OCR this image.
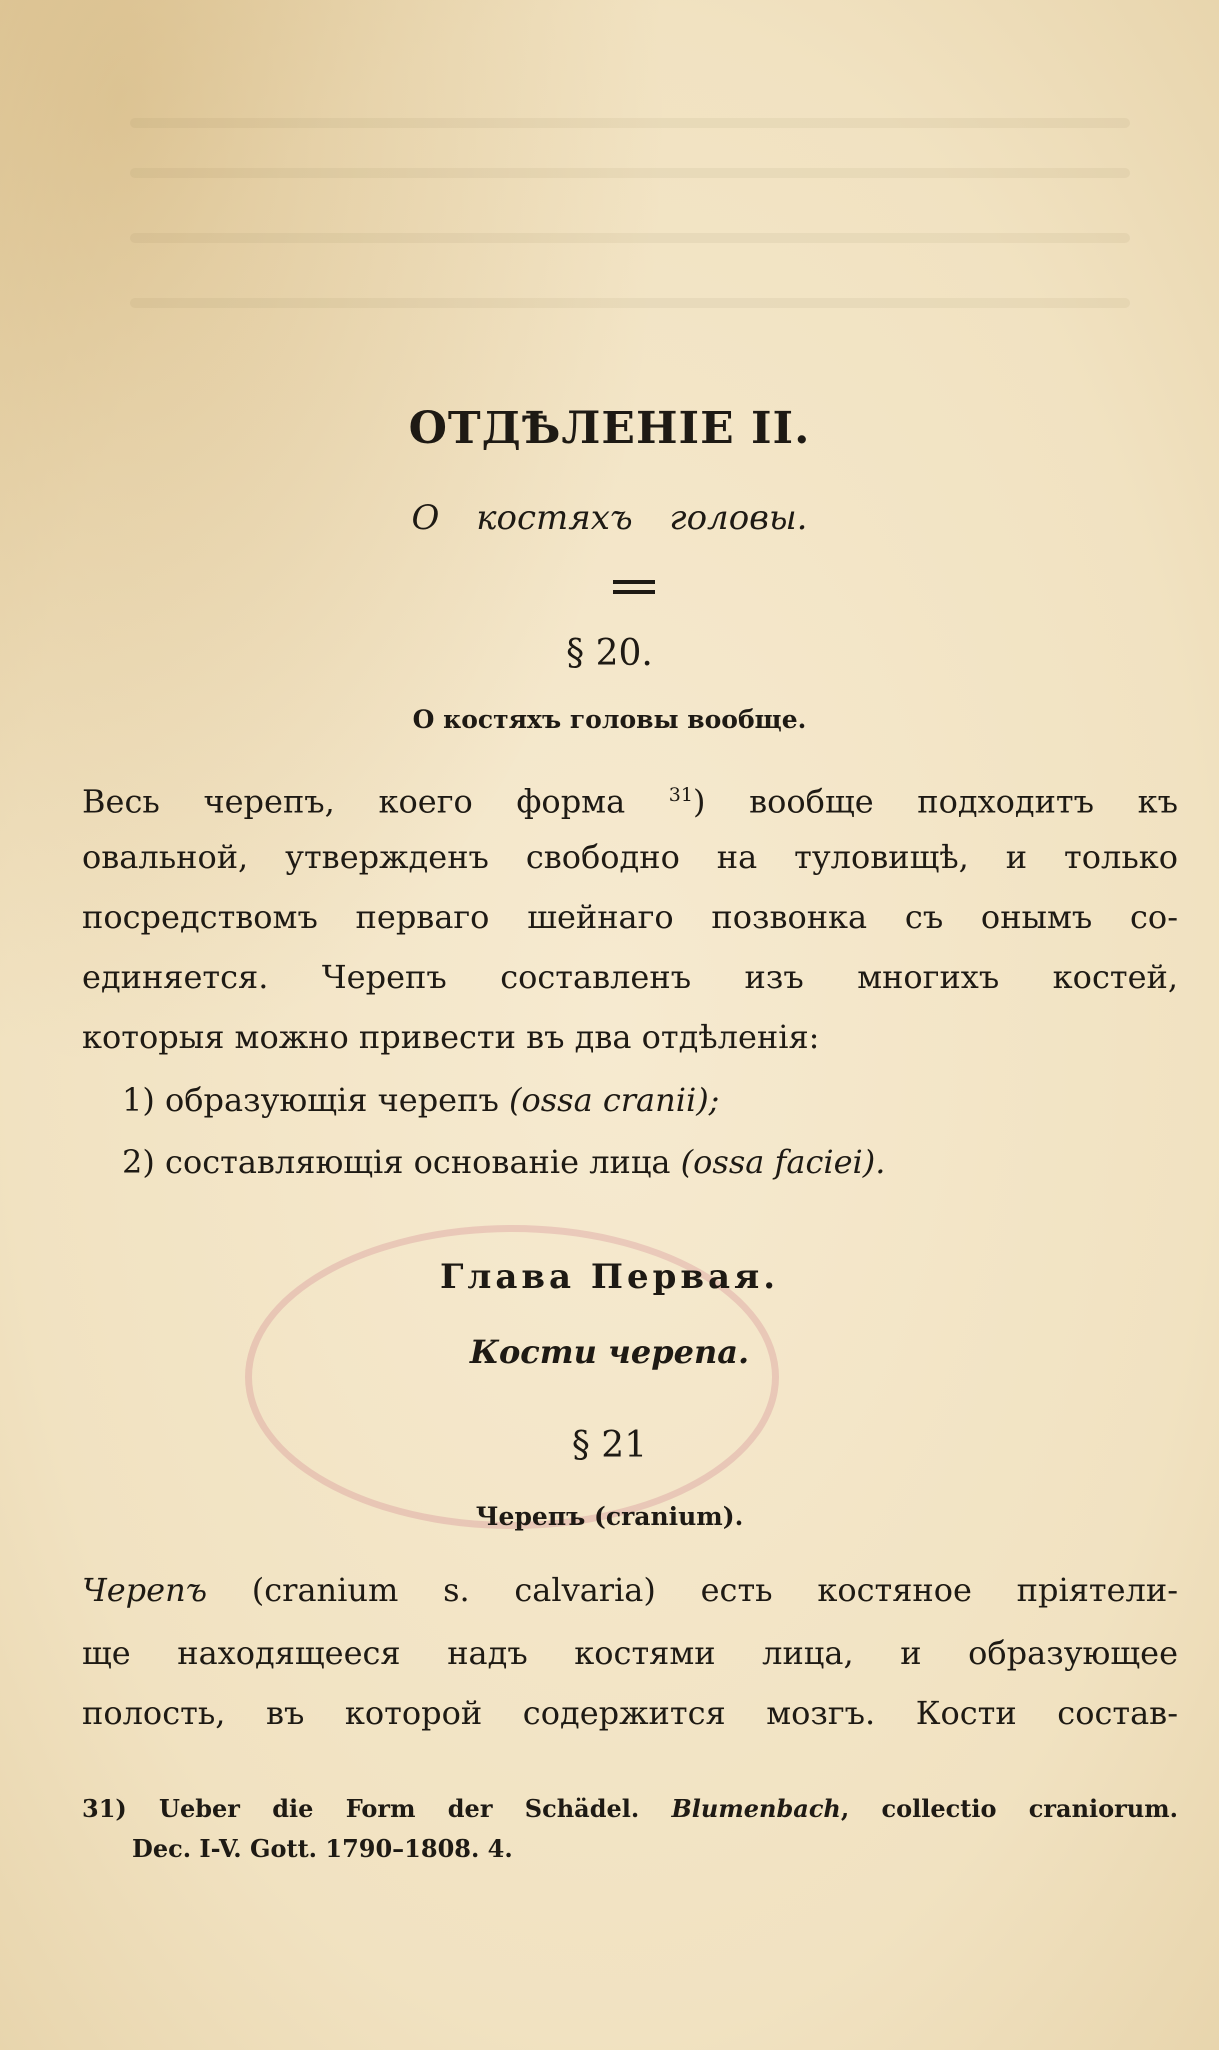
ОТДѢЛЕНІЕ II.
О костяхъ головы.
§ 20.
О костяхъ головы вообще.
Весь черепъ, коего форма $^{31}$) вообще подходитъ къ
овальной, утвержденъ свободно на туловищѣ, и только
посредствомъ перваго шейнаго позвонка съ онымъ со-
единяется. Черепъ составленъ изъ многихъ костей,
которыя можно привести въ два отдѣленія:
1) образующія черепъ (ossa cranii);
2) составляющія основаніе лица (ossa faciei).
Глава Первая.
Кости черепа.
§ 21
Черепъ (cranium).
Черепъ (cranium s. calvaria) есть костяное пріятели-
ще находящееся надъ костями лица, и образующее
полость, въ которой содержится мозгъ. Кости состав-
31) Ueber die Form der Schädel. Blumenbach, collectio craniorum.
Dec. I-V. Gott. 1790–1808. 4.
